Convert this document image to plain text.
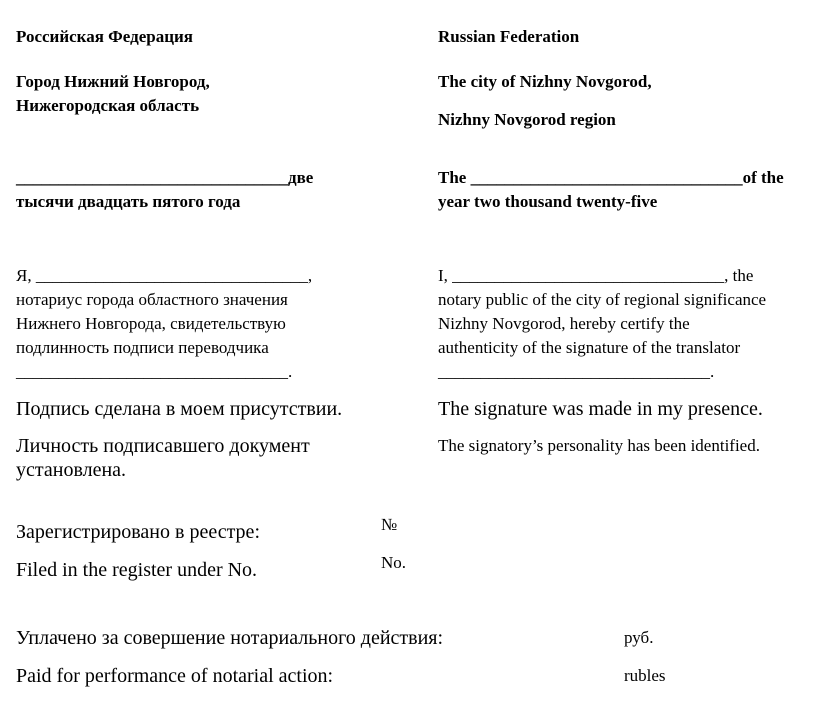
Российская Федерация
Город Нижний Новгород,
Нижегородская область
________________________________две
тысячи двадцать пятого года
Я, ________________________________,
нотариус города областного значения
Нижнего Новгорода, свидетельствую
подлинность подписи переводчика
________________________________.
Подпись сделана в моем присутствии.
Личность подписавшего документ
установлена.
Russian Federation
The city of Nizhny Novgorod,
Nizhny Novgorod region
The ________________________________of the
year two thousand twenty-five
I, ________________________________, the
notary public of the city of regional significance
Nizhny Novgorod, hereby certify the
authenticity of the signature of the translator
________________________________.
The signature was made in my presence.
The signatory’s personality has been identified.
Зарегистрировано в реестре:	№
Filed in the register under No.	No.
Уплачено за совершение нотариального действия:	руб.
Paid for performance of notarial action:	rubles
